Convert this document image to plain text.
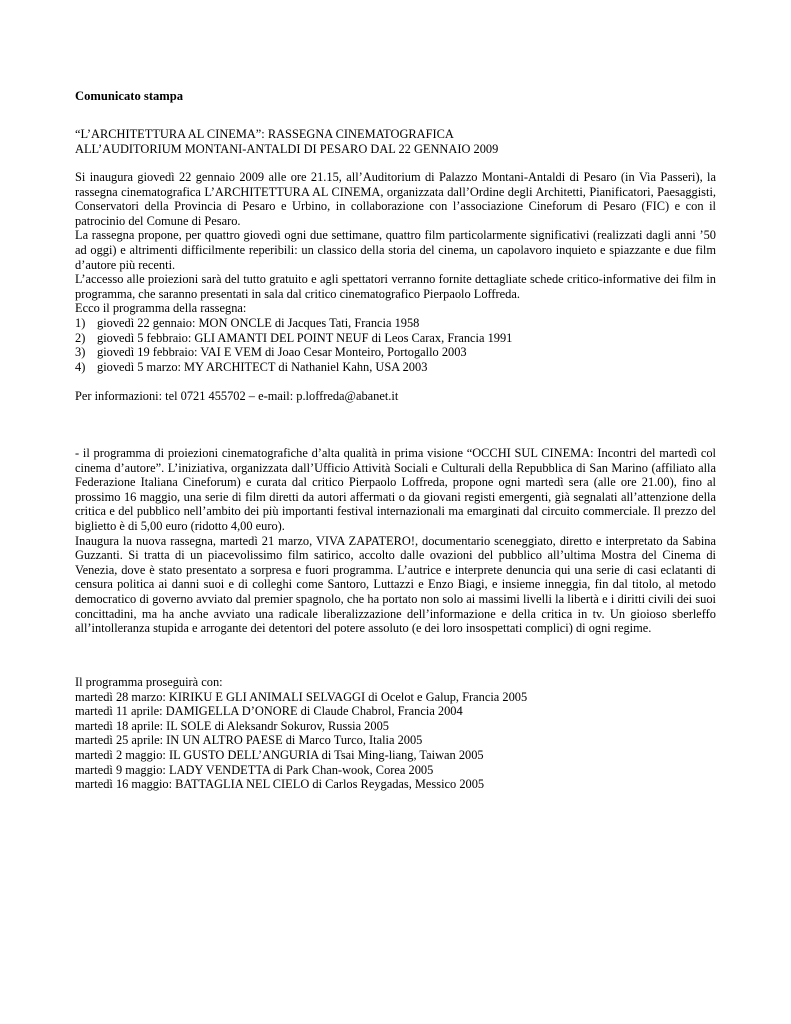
Comunicato stampa
“L’ARCHITETTURA AL CINEMA”: RASSEGNA CINEMATOGRAFICA
ALL’AUDITORIUM MONTANI-ANTALDI DI PESARO DAL 22 GENNAIO 2009

Si inaugura giovedì 22 gennaio 2009 alle ore 21.15, all’Auditorium di Palazzo Montani-Antaldi di Pesaro (in Via Passeri), la rassegna cinematografica L’ARCHITETTURA AL CINEMA, organizzata dall’Ordine degli Architetti, Pianificatori, Paesaggisti, Conservatori della Provincia di Pesaro e Urbino, in collaborazione con l’associazione Cineforum di Pesaro (FIC) e con il patrocinio del Comune di Pesaro.

La rassegna propone, per quattro giovedì ogni due settimane, quattro film particolarmente significativi (realizzati dagli anni ’50 ad oggi) e altrimenti difficilmente reperibili: un classico della storia del cinema, un capolavoro inquieto e spiazzante e due film d’autore più recenti.

L’accesso alle proiezioni sarà del tutto gratuito e agli spettatori verranno fornite dettagliate schede critico-informative dei film in programma, che saranno presentati in sala dal critico cinematografico Pierpaolo Loffreda.

Ecco il programma della rassegna:

1) giovedì 22 gennaio: MON ONCLE di Jacques Tati, Francia 1958
2) giovedì 5 febbraio: GLI AMANTI DEL POINT NEUF di Leos Carax, Francia 1991
3) giovedì 19 febbraio: VAI E VEM di Joao Cesar Monteiro, Portogallo 2003
4) giovedì 5 marzo: MY ARCHITECT di Nathaniel Kahn, USA 2003
Per informazioni: tel 0721 455702 – e-mail: p.loffreda@abanet.it

- il programma di proiezioni cinematografiche d’alta qualità in prima visione “OCCHI SUL CINEMA: Incontri del martedì col cinema d’autore”. L’iniziativa, organizzata dall’Ufficio Attività Sociali e Culturali della Repubblica di San Marino (affiliato alla Federazione Italiana Cineforum) e curata dal critico Pierpaolo Loffreda, propone ogni martedì sera (alle ore 21.00), fino al prossimo 16 maggio, una serie di film diretti da autori affermati o da giovani registi emergenti, già segnalati all’attenzione della critica e del pubblico nell’ambito dei più importanti festival internazionali ma emarginati dal circuito commerciale. Il prezzo del biglietto è di 5,00 euro (ridotto 4,00 euro).

Inaugura la nuova rassegna, martedì 21 marzo, VIVA ZAPATERO!, documentario sceneggiato, diretto e interpretato da Sabina Guzzanti. Si tratta di un piacevolissimo film satirico, accolto dalle ovazioni del pubblico all’ultima Mostra del Cinema di Venezia, dove è stato presentato a sorpresa e fuori programma. L’autrice e interprete denuncia qui una serie di casi eclatanti di censura politica ai danni suoi e di colleghi come Santoro, Luttazzi e Enzo Biagi, e insieme inneggia, fin dal titolo, al metodo democratico di governo avviato dal premier spagnolo, che ha portato non solo ai massimi livelli la libertà e i diritti civili dei suoi concittadini, ma ha anche avviato una radicale liberalizzazione dell’informazione e della critica in tv. Un gioioso sberleffo all’intolleranza stupida e arrogante dei detentori del potere assoluto (e dei loro insospettati complici) di ogni regime.

Il programma proseguirà con:
martedì 28 marzo: KIRIKU E GLI ANIMALI SELVAGGI di Ocelot e Galup, Francia 2005
martedì 11 aprile: DAMIGELLA D’ONORE di Claude Chabrol, Francia 2004
martedì 18 aprile: IL SOLE di Aleksandr Sokurov, Russia 2005
martedì 25 aprile: IN UN ALTRO PAESE di Marco Turco, Italia 2005
martedì 2 maggio: IL GUSTO DELL’ANGURIA di Tsai Ming-liang, Taiwan 2005
martedì 9 maggio: LADY VENDETTA di Park Chan-wook, Corea 2005
martedì 16 maggio: BATTAGLIA NEL CIELO di Carlos Reygadas, Messico 2005
